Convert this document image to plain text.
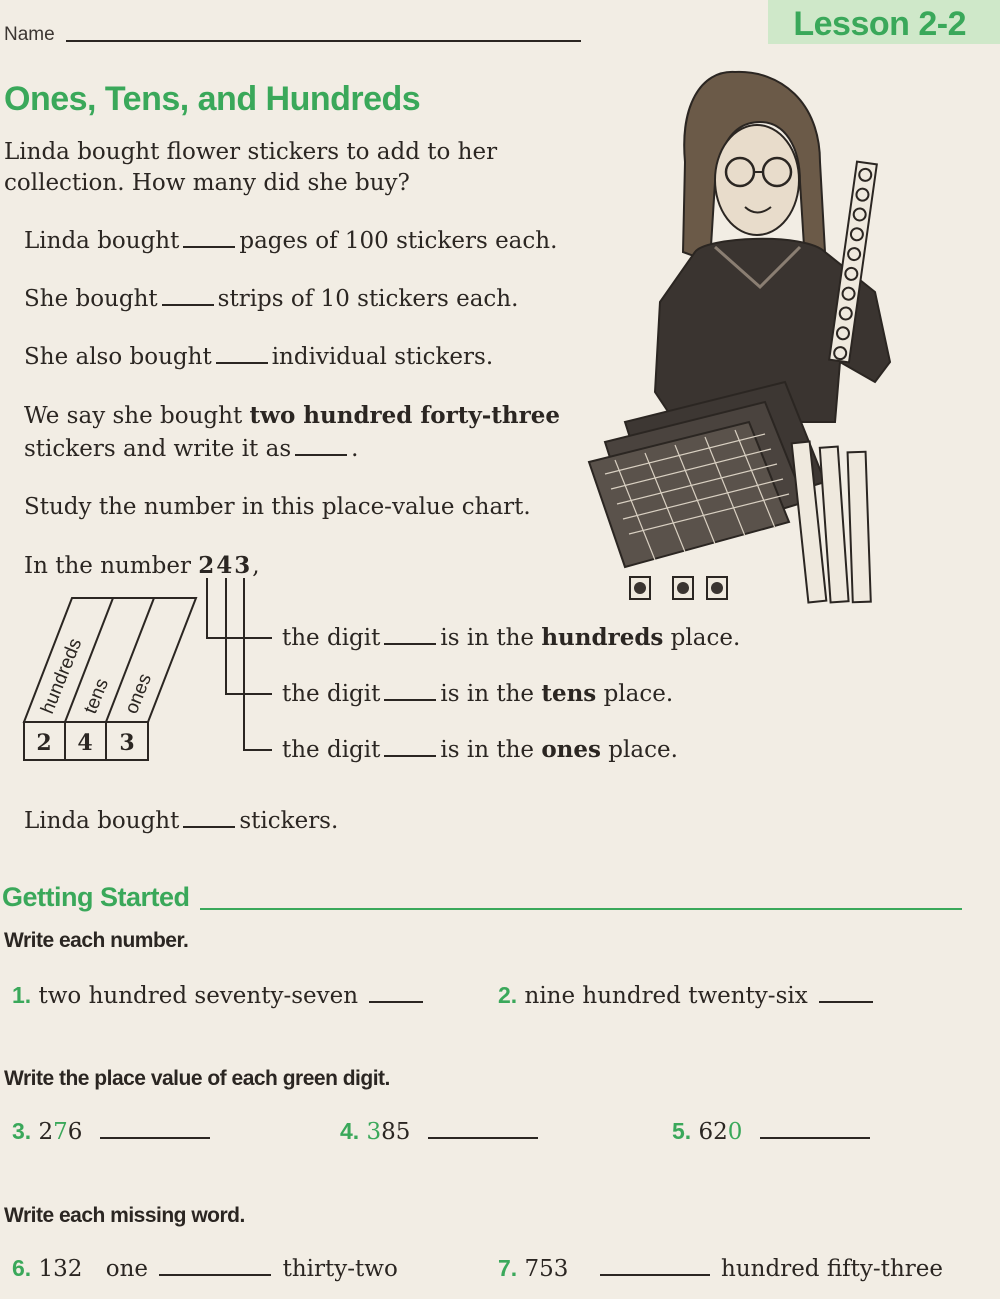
Lesson 2-2
Name
Ones, Tens, and Hundreds
Linda bought flower stickers to add to her
collection. How many did she buy?
Linda bought	pages of 100 stickers each.
She bought	strips of 10 stickers each.
She also bought	individual stickers.
We say she bought two hundred forty-three
stickers and write it as	.
Study the number in this place-value chart.
In the number 243,
hundreds
tens ones
2 4 3
the digit	is in the hundreds place.
the digit	is in the tens place.
the digit	is in the ones place.
Linda bought	stickers.
Getting Started
Write each number.
1. two hundred seventy-seven	2. nine hundred twenty-six
Write the place value of each green digit.
3. 276	4. 385	5. 620
Write each missing word.
6. 132 one	thirty-two	7. 753	hundred fifty-three
